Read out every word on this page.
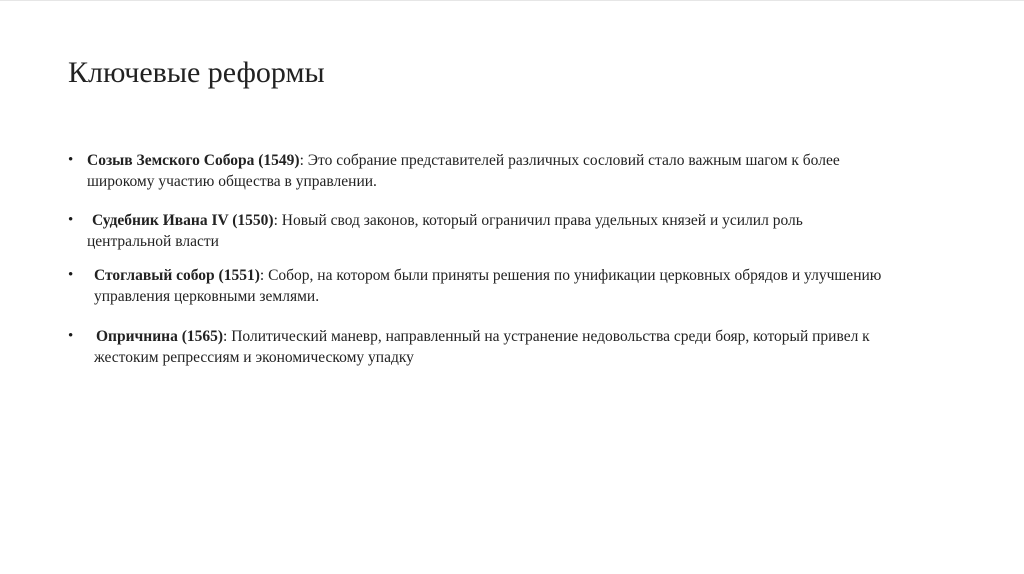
Ключевые реформы
• Созыв Земского Собора (1549): Это собрание представителей различных сословий стало важным шагом к более
широкому участию общества в управлении.
• Судебник Ивана IV (1550): Новый свод законов, который ограничил права удельных князей и усилил роль
центральной власти
• Стоглавый собор (1551): Собор, на котором были приняты решения по унификации церковных обрядов и улучшению
управления церковными землями.
• Опричнина (1565): Политический маневр, направленный на устранение недовольства среди бояр, который привел к
жестоким репрессиям и экономическому упадку
